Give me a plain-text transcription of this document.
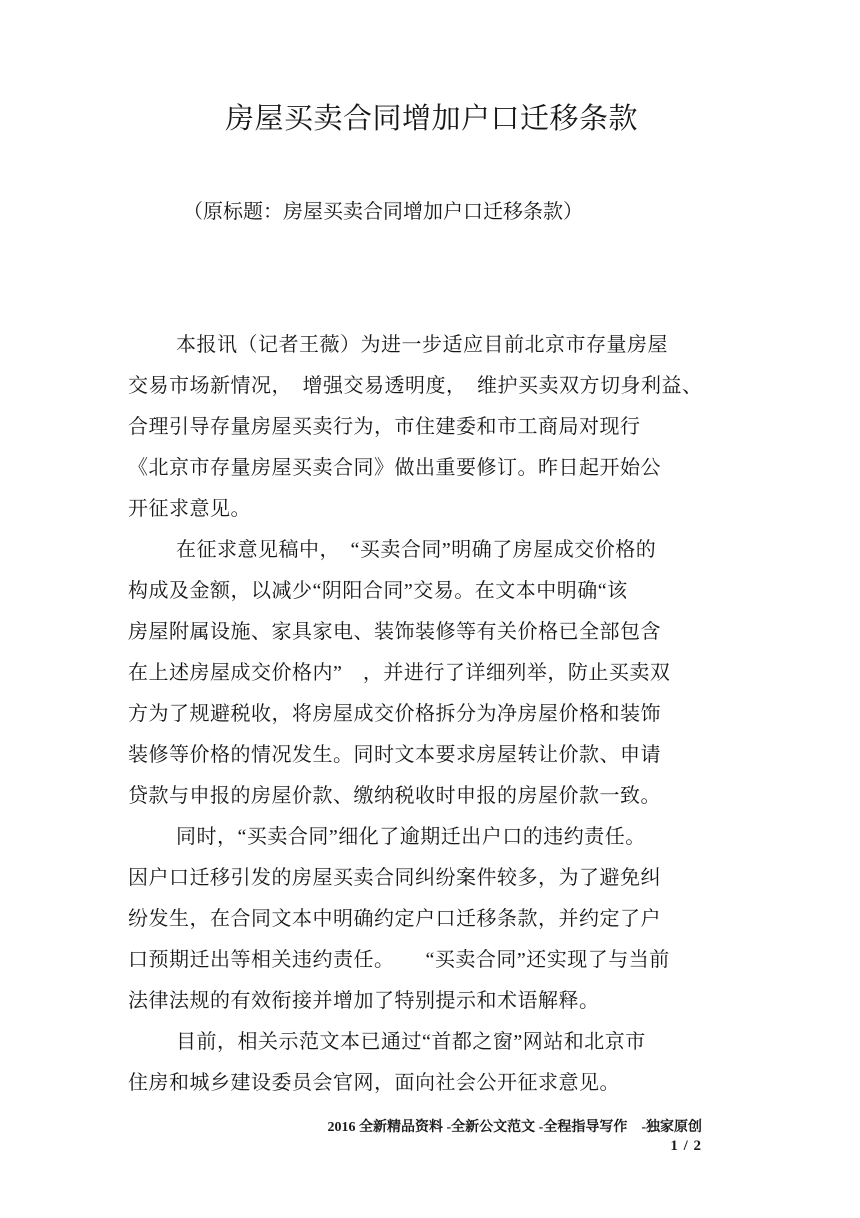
房屋买卖合同增加户口迁移条款
（原标题：房屋买卖合同增加户口迁移条款）
本报讯（记者王薇）为进一步适应目前北京市存量房屋
交易市场新情况，　增强交易透明度，　维护买卖双方切身利益、
合理引导存量房屋买卖行为，市住建委和市工商局对现行
《北京市存量房屋买卖合同》做出重要修订。昨日起开始公
开征求意见。
在征求意见稿中，　“买卖合同”明确了房屋成交价格的
构成及金额，以减少“阴阳合同”交易。在文本中明确“该
房屋附属设施、家具家电、装饰装修等有关价格已全部包含
在上述房屋成交价格内”　，并进行了详细列举，防止买卖双
方为了规避税收，将房屋成交价格拆分为净房屋价格和装饰
装修等价格的情况发生。同时文本要求房屋转让价款、申请
贷款与申报的房屋价款、缴纳税收时申报的房屋价款一致。
同时，“买卖合同”细化了逾期迁出户口的违约责任。
因户口迁移引发的房屋买卖合同纠纷案件较多，为了避免纠
纷发生，在合同文本中明确约定户口迁移条款，并约定了户
口预期迁出等相关违约责任。　　“买卖合同”还实现了与当前
法律法规的有效衔接并增加了特别提示和术语解释。
目前，相关示范文本已通过“首都之窗”网站和北京市
住房和城乡建设委员会官网，面向社会公开征求意见。
2016 全新精品资料 -全新公文范文 -全程指导写作　-独家原创
1 / 2
